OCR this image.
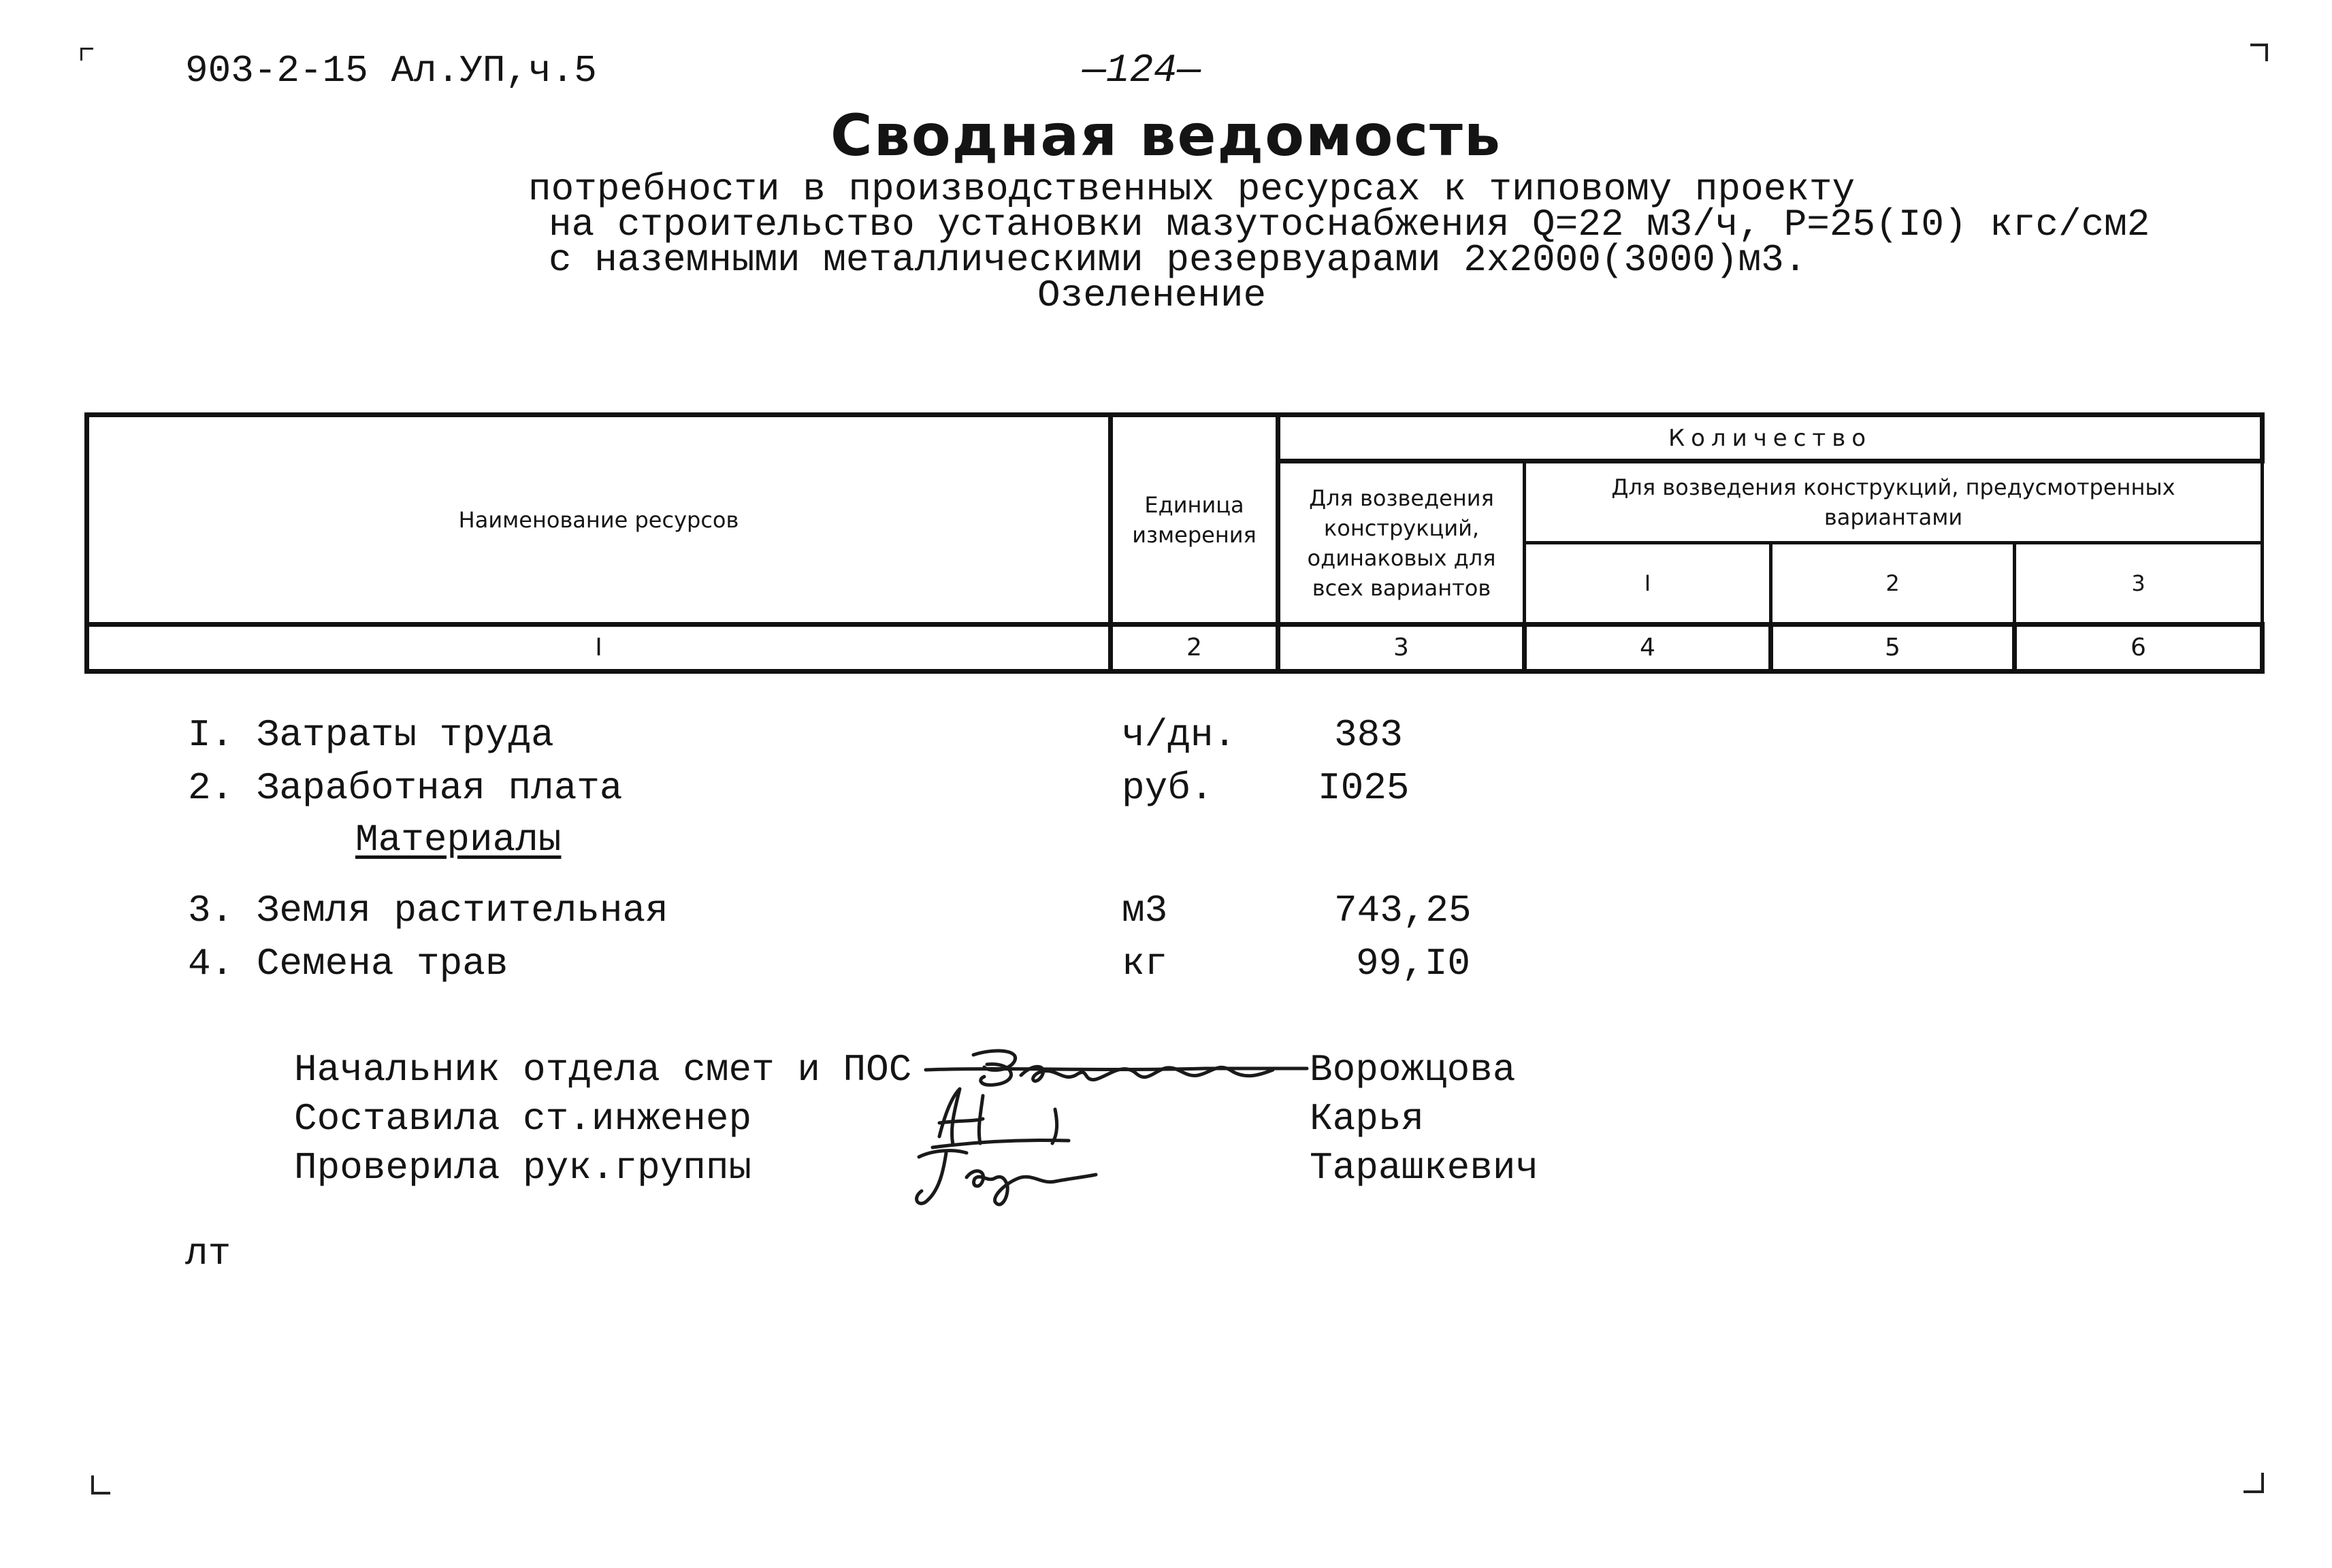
903-2-15 Ал.УП,ч.5	—124—
Сводная ведомость
потребности в производственных ресурсах к типовому проекту
на строительство установки мазутоснабжения Q=22 м3/ч, Р=25(I0) кгс/см2
с наземными металлическими резервуарами 2х2000(3000)м3.
Озеленение
Наименование ресурсов	Единица измерения	Количество			
		Для возведения конструкций, одинаковых для всех вариантов	Для возведения конструкций, предусмотренных вариантами		
			I	2	3
I	2	3	4	5	6
I. Затраты труда	ч/дн.	383
2. Заработная плата	руб.	I025
Материалы
3. Земля растительная	м3	743,25
4. Семена трав	кг	99,I0
Начальник отдела смет и ПОС	Ворожцова
Составила ст.инженер	Карья
Проверила рук.группы	Тарашкевич
лт
